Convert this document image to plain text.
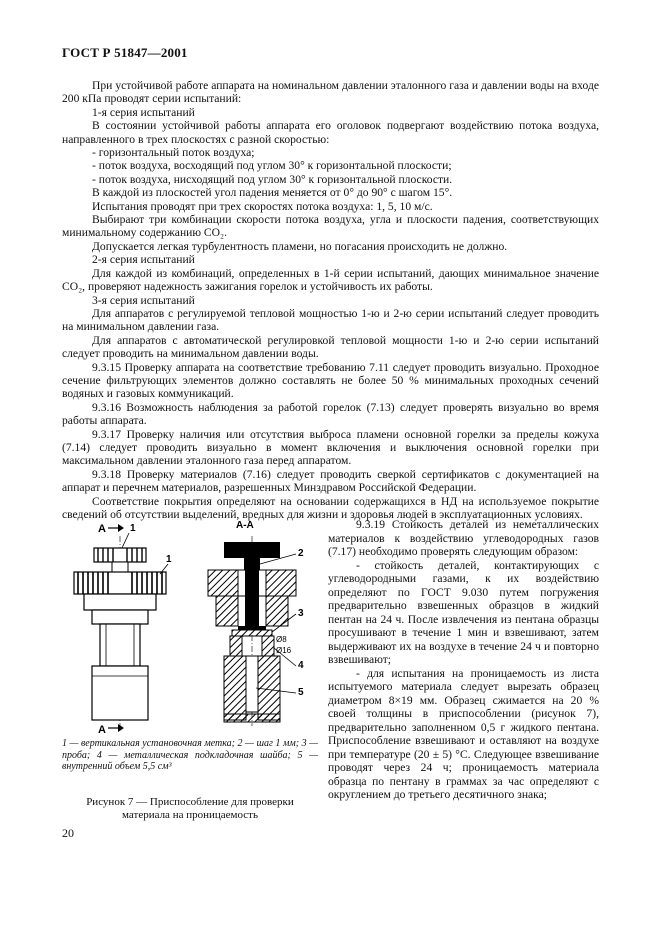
ГОСТ Р 51847—2001

При устойчивой работе аппарата на номинальном давлении эталонного газа и давлении воды на входе 200 кПа проводят серии испытаний:

1-я серия испытаний

В состоянии устойчивой работы аппарата его оголовок подвергают воздействию потока воздуха, направленного в трех плоскостях с разной скоростью:

- горизонтальный поток воздуха;

- поток воздуха, восходящий под углом 30° к горизонтальной плоскости;

- поток воздуха, нисходящий под углом 30° к горизонтальной плоскости.

В каждой из плоскостей угол падения меняется от 0° до 90° с шагом 15°.

Испытания проводят при трех скоростях потока воздуха: 1, 5, 10 м/с.

Выбирают три комбинации скорости потока воздуха, угла и плоскости падения, соответствующих минимальному содержанию CO₂.

Допускается легкая турбулентность пламени, но погасания происходить не должно.

2-я серия испытаний

Для каждой из комбинаций, определенных в 1-й серии испытаний, дающих минимальное значение CO₂, проверяют надежность зажигания горелок и устойчивость их работы.

3-я серия испытаний

Для аппаратов с регулируемой тепловой мощностью 1-ю и 2-ю серии испытаний следует проводить на минимальном давлении газа.

Для аппаратов с автоматической регулировкой тепловой мощности 1-ю и 2-ю серии испытаний следует проводить на минимальном давлении воды.

9.3.15 Проверку аппарата на соответствие требованию 7.11 следует проводить визуально. Проходное сечение фильтрующих элементов должно составлять не более 50 % минимальных проходных сечений водяных и газовых коммуникаций.

9.3.16 Возможность наблюдения за работой горелок (7.13) следует проверять визуально во время работы аппарата.

9.3.17 Проверку наличия или отсутствия выброса пламени основной горелки за пределы кожуха (7.14) следует проводить визуально в момент включения и выключения основной горелки при максимальном давлении эталонного газа перед аппаратом.

9.3.18 Проверку материалов (7.16) следует проводить сверкой сертификатов с документацией на аппарат и перечнем материалов, разрешенных Минздравом Российской Федерации.

Соответствие покрытия определяют на основании содержащихся в НД на используемое покрытие сведений об отсутствии выделений, вредных для жизни и здоровья людей в эксплуатационных условиях.

А 1
1
А
А-А
Ø8
Ø16
2
3
4
5
1 — вертикальная установочная метка; 2 — шаг 1 мм; 3 — проба; 4 — металлическая подкладочная шайба; 5 — внутренний объем 5,5 см³
Рисунок 7 — Приспособление для проверки материала на проницаемость

9.3.19 Стойкость деталей из неметаллических материалов к воздействию углеводородных газов (7.17) необходимо проверять следующим образом:

- стойкость деталей, контактирующих с углеводородными газами, к их воздействию определяют по ГОСТ 9.030 путем погружения предварительно взвешенных образцов в жидкий пентан на 24 ч. После извлечения из пентана образцы просушивают в течение 1 мин и взвешивают, затем выдерживают их на воздухе в течение 24 ч и повторно взвешивают;

- для испытания на проницаемость из листа испытуемого материала следует вырезать образец диаметром 8×19 мм. Образец сжимается на 20 % своей толщины в приспособлении (рисунок 7), предварительно заполненном 0,5 г жидкого пентана. Приспособление взвешивают и оставляют на воздухе при температуре (20 ± 5) °С. Следующее взвешивание проводят через 24 ч; проницаемость материала образца по пентану в граммах за час определяют с округлением до третьего десятичного знака;

20
